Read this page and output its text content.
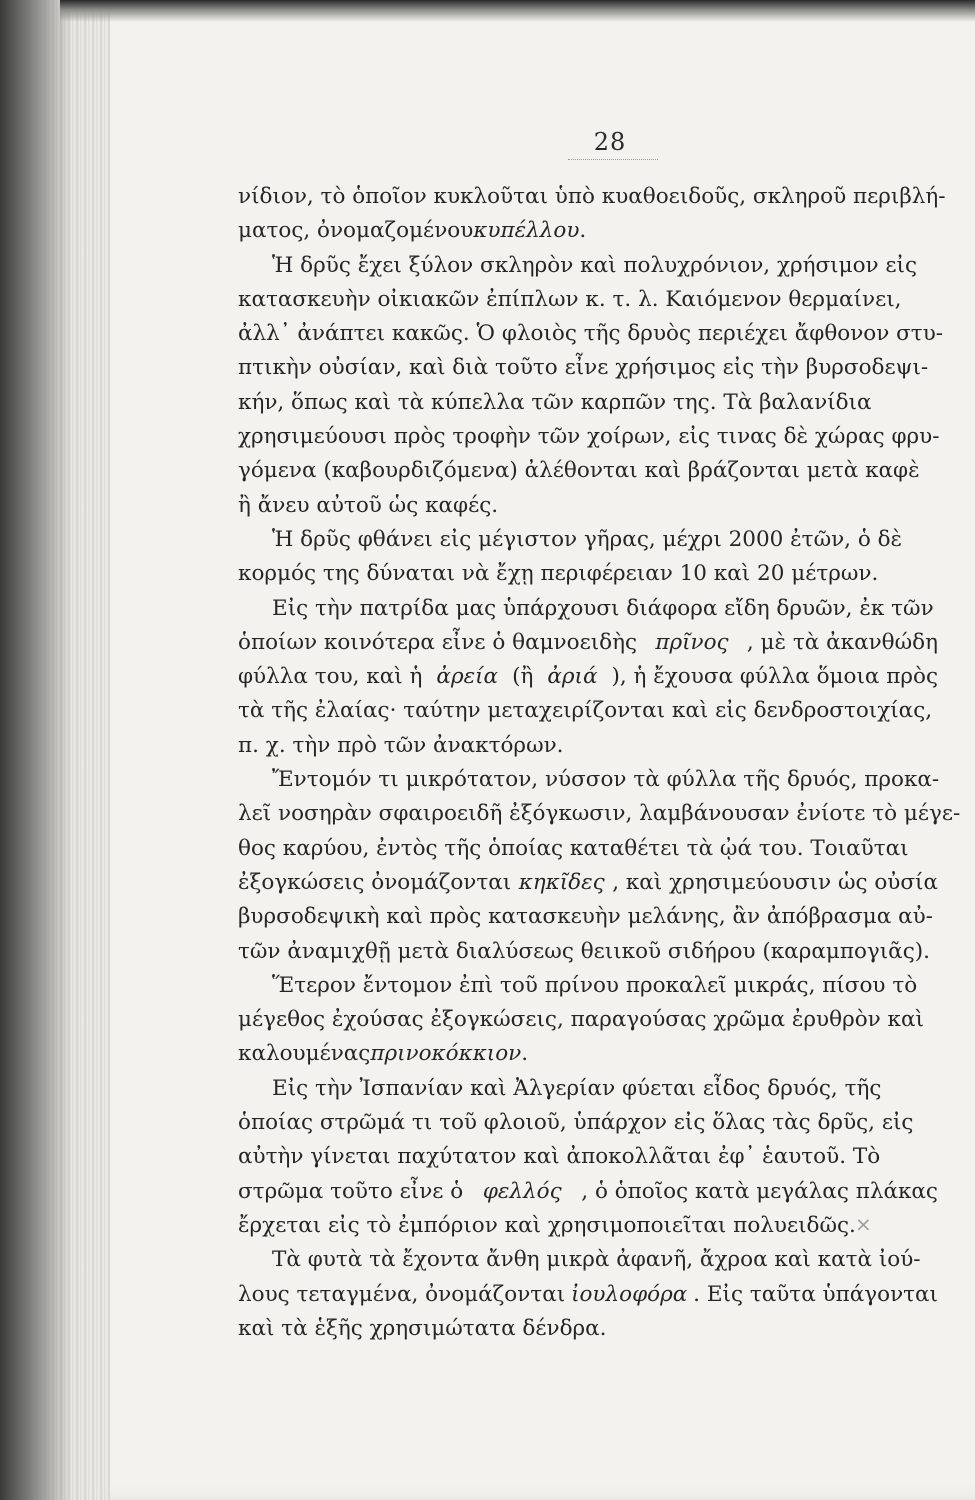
28
νίδιον, τὸ ὁποῖον κυκλοῦται ὑπὸ κυαθοειδοῦς, σκληροῦ περιβλή-
ματος, ὀνομαζομένου κυπέλλου .
Ἡ δρῦς ἔχει ξύλον σκληρὸν καὶ πολυχρόνιον, χρήσιμον εἰς
κατασκευὴν οἰκιακῶν ἐπίπλων κ. τ. λ. Καιόμενον θερμαίνει,
ἀλλ᾽ ἀνάπτει κακῶς. Ὁ φλοιὸς τῆς δρυὸς περιέχει ἄφθονον στυ-
πτικὴν οὐσίαν, καὶ διὰ τοῦτο εἶνε χρήσιμος εἰς τὴν βυρσοδεψι-
κήν, ὅπως καὶ τὰ κύπελλα τῶν καρπῶν της. Τὰ βαλανίδια
χρησιμεύουσι πρὸς τροφὴν τῶν χοίρων, εἰς τινας δὲ χώρας φρυ-
γόμενα (καβουρδιζόμενα) ἀλέθονται καὶ βράζονται μετὰ καφὲ
ἢ ἄνευ αὐτοῦ ὡς καφές.
Ἡ δρῦς φθάνει εἰς μέγιστον γῆρας, μέχρι 2000 ἐτῶν, ὁ δὲ
κορμός της δύναται νὰ ἔχῃ περιφέρειαν 10 καὶ 20 μέτρων.
Εἰς τὴν πατρίδα μας ὑπάρχουσι διάφορα εἴδη δρυῶν, ἐκ τῶν
ὁποίων κοινότερα εἶνε ὁ θαμνοειδὴς πρῖνος , μὲ τὰ ἀκανθώδη
φύλλα του, καὶ ἡ ἀρεία (ἢ ἀριά ), ἡ ἔχουσα φύλλα ὅμοια πρὸς
τὰ τῆς ἐλαίας· ταύτην μεταχειρίζονται καὶ εἰς δενδροστοιχίας,
π. χ. τὴν πρὸ τῶν ἀνακτόρων.
Ἔντομόν τι μικρότατον, νύσσον τὰ φύλλα τῆς δρυός, προκα-
λεῖ νοσηρὰν σφαιροειδῆ ἐξόγκωσιν, λαμβάνουσαν ἐνίοτε τὸ μέγε-
θος καρύου, ἐντὸς τῆς ὁποίας καταθέτει τὰ ᾠά του. Τοιαῦται
ἐξογκώσεις ὀνομάζονται κηκῖδες , καὶ χρησιμεύουσιν ὡς οὐσία
βυρσοδεψικὴ καὶ πρὸς κατασκευὴν μελάνης, ἂν ἀπόβρασμα αὐ-
τῶν ἀναμιχθῇ μετὰ διαλύσεως θειικοῦ σιδήρου (καραμπογιᾶς).
Ἕτερον ἔντομον ἐπὶ τοῦ πρίνου προκαλεῖ μικράς, πίσου τὸ
μέγεθος ἐχούσας ἐξογκώσεις, παραγούσας χρῶμα ἐρυθρὸν καὶ
καλουμένας πρινοκόκκιον .
Εἰς τὴν Ἰσπανίαν καὶ Ἀλγερίαν φύεται εἶδος δρυός, τῆς
ὁποίας στρῶμά τι τοῦ φλοιοῦ, ὑπάρχον εἰς ὅλας τὰς δρῦς, εἰς
αὐτὴν γίνεται παχύτατον καὶ ἀποκολλᾶται ἐφ᾽ ἑαυτοῦ. Τὸ
στρῶμα τοῦτο εἶνε ὁ φελλός , ὁ ὁποῖος κατὰ μεγάλας πλάκας
ἔρχεται εἰς τὸ ἐμπόριον καὶ χρησιμοποιεῖται πολυειδῶς.
Τὰ φυτὰ τὰ ἔχοντα ἄνθη μικρὰ ἀφανῆ, ἄχροα καὶ κατὰ ἰού-
λους τεταγμένα, ὀνομάζονται ἰουλοφόρα . Εἰς ταῦτα ὑπάγονται
καὶ τὰ ἑξῆς χρησιμώτατα δένδρα.
×
